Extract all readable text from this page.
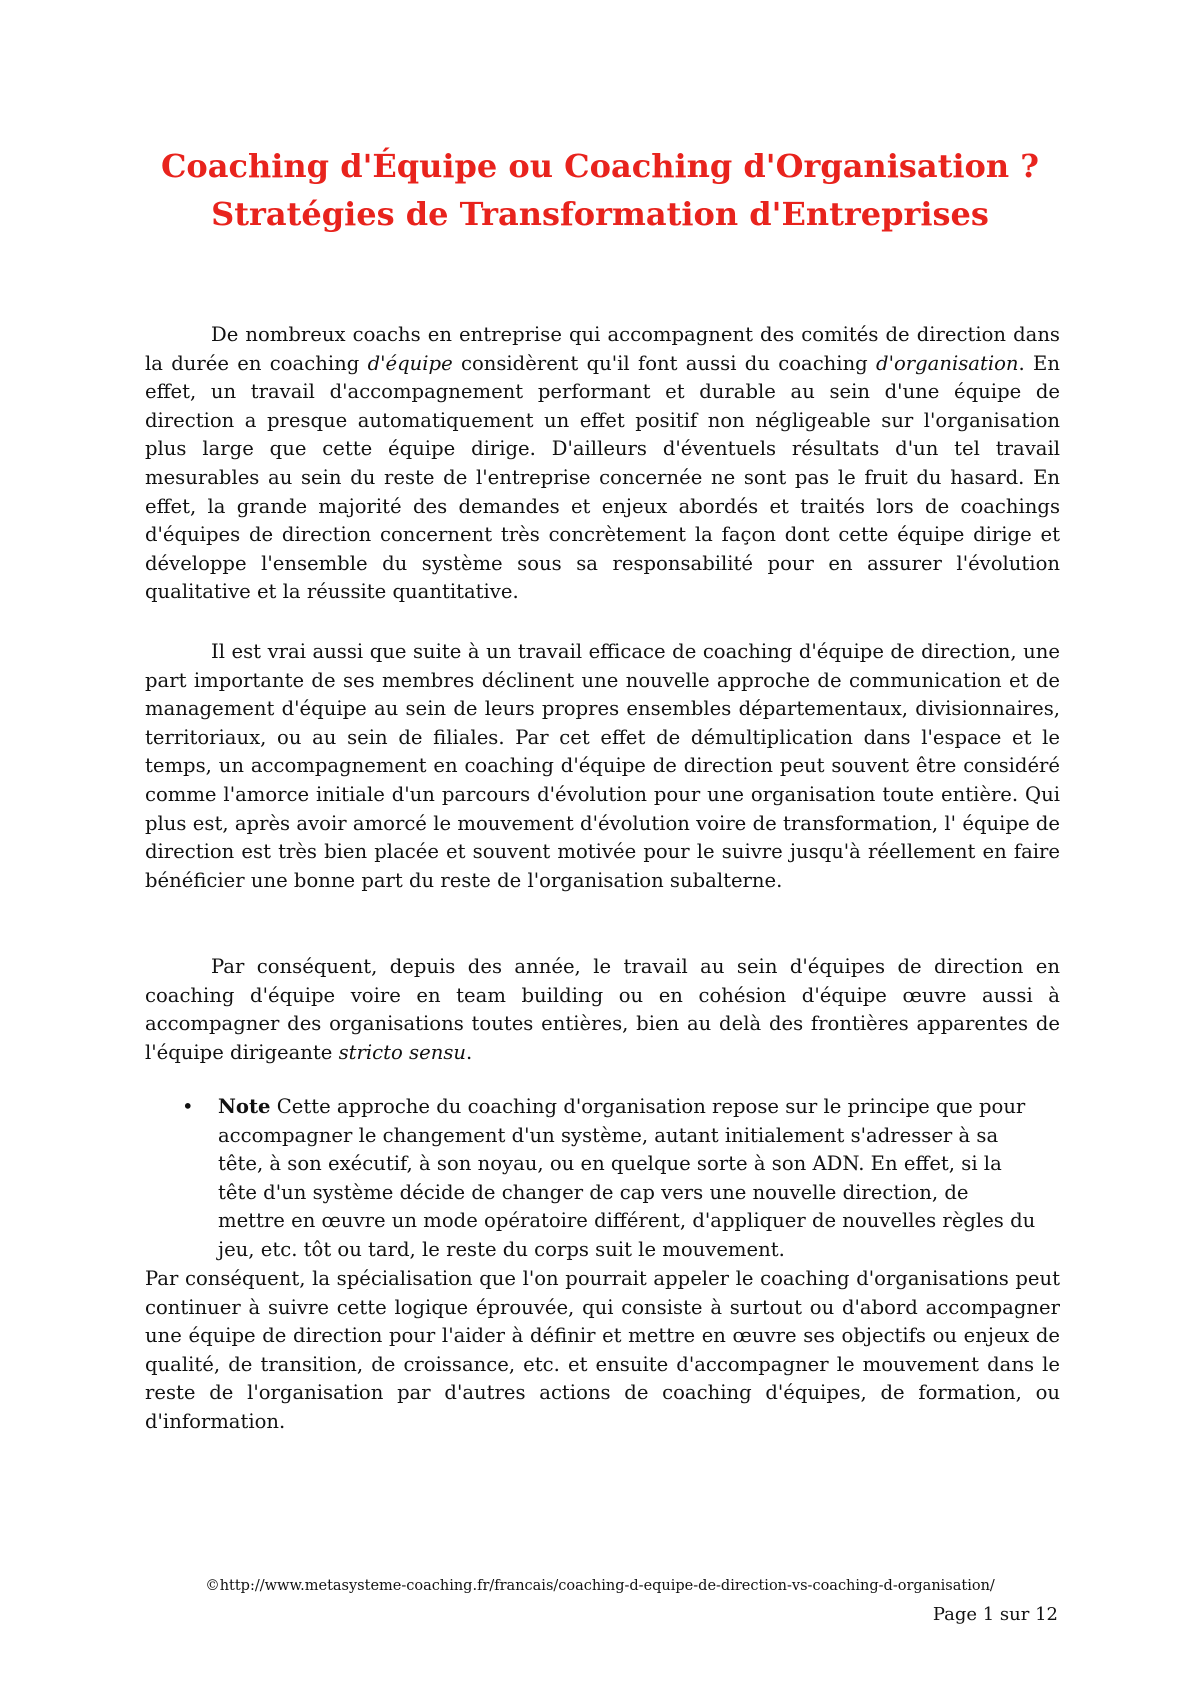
Coaching d'Équipe ou Coaching d'Organisation ?
Stratégies de Transformation d'Entreprises

De nombreux coachs en entreprise qui accompagnent des comités de direction dans la durée en coaching d'équipe considèrent qu'il font aussi du coaching d'organisation. En effet, un travail d'accompagnement performant et durable au sein d'une équipe de direction a presque automatiquement un effet positif non négligeable sur l'organisation plus large que cette équipe dirige. D'ailleurs d'éventuels résultats d'un tel travail mesurables au sein du reste de l'entreprise concernée ne sont pas le fruit du hasard. En effet, la grande majorité des demandes et enjeux abordés et traités lors de coachings d'équipes de direction concernent très concrètement la façon dont cette équipe dirige et développe l'ensemble du système sous sa responsabilité pour en assurer l'évolution qualitative et la réussite quantitative.

Il est vrai aussi que suite à un travail efficace de coaching d'équipe de direction, une part importante de ses membres déclinent une nouvelle approche de communication et de management d'équipe au sein de leurs propres ensembles départementaux, divisionnaires, territoriaux, ou au sein de filiales. Par cet effet de démultiplication dans l'espace et le temps, un accompagnement en coaching d'équipe de direction peut souvent être considéré comme l'amorce initiale d'un parcours d'évolution pour une organisation toute entière. Qui plus est, après avoir amorcé le mouvement d'évolution voire de transformation, l' équipe de direction est très bien placée et souvent motivée pour le suivre jusqu'à réellement en faire bénéficier une bonne part du reste de l'organisation subalterne.

Par conséquent, depuis des année, le travail au sein d'équipes de direction en coaching d'équipe voire en team building ou en cohésion d'équipe œuvre aussi à accompagner des organisations toutes entières, bien au delà des frontières apparentes de l'équipe dirigeante stricto sensu.

• Note Cette approche du coaching d'organisation repose sur le principe que pour accompagner le changement d'un système, autant initialement s'adresser à sa tête, à son exécutif, à son noyau, ou en quelque sorte à son ADN. En effet, si la tête d'un système décide de changer de cap vers une nouvelle direction, de mettre en œuvre un mode opératoire différent, d'appliquer de nouvelles règles du jeu, etc. tôt ou tard, le reste du corps suit le mouvement.

Par conséquent, la spécialisation que l'on pourrait appeler le coaching d'organisations peut continuer à suivre cette logique éprouvée, qui consiste à surtout ou d'abord accompagner une équipe de direction pour l'aider à définir et mettre en œuvre ses objectifs ou enjeux de qualité, de transition, de croissance, etc. et ensuite d'accompagner le mouvement dans le reste de l'organisation par d'autres actions de coaching d'équipes, de formation, ou d'information.

©http://www.metasysteme-coaching.fr/francais/coaching-d-equipe-de-direction-vs-coaching-d-organisation/
Page 1 sur 12
